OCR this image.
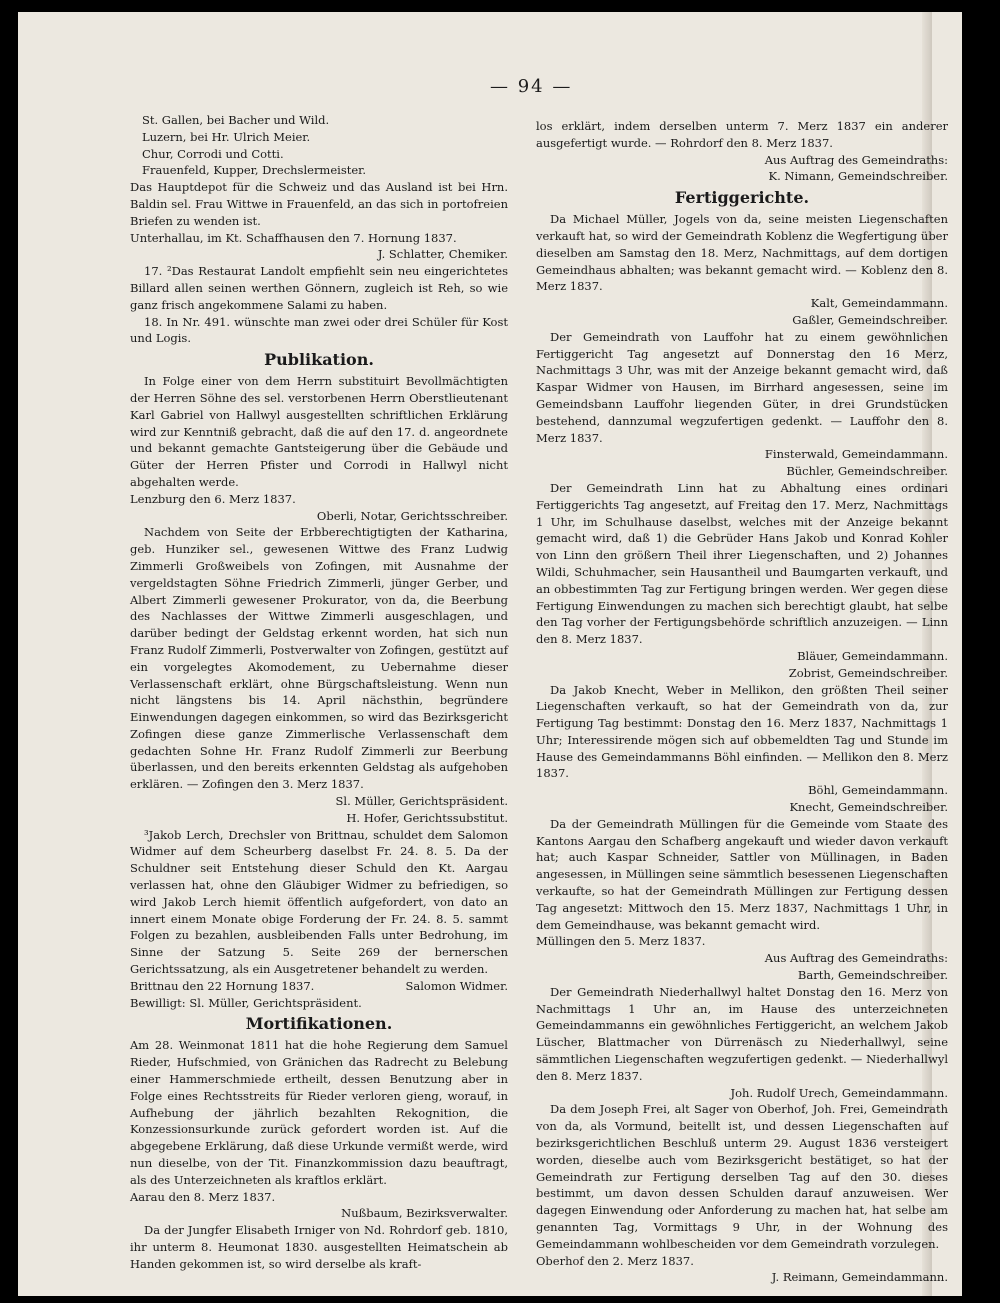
— 94 —

St. Gallen, bei Bacher und Wild.

Luzern, bei Hr. Ulrich Meier.

Chur, Corrodi und Cotti.

Frauenfeld, Kupper, Drechslermeister.

Das Hauptdepot für die Schweiz und das Ausland ist bei Hrn. Baldin sel. Frau Wittwe in Frauenfeld, an das sich in portofreien Briefen zu wenden ist.

Unterhallau, im Kt. Schaffhausen den 7. Hornung 1837.

J. Schlatter, Chemiker.

17. ²Das Restaurat Landolt empfiehlt sein neu eingerichtetes Billard allen seinen werthen Gönnern, zugleich ist Reh, so wie ganz frisch angekommene Salami zu haben.

18. In Nr. 491. wünschte man zwei oder drei Schüler für Kost und Logis.

Publikation.

In Folge einer von dem Herrn substituirt Bevollmächtigten der Herren Söhne des sel. verstorbenen Herrn Oberstlieutenant Karl Gabriel von Hallwyl ausgestellten schriftlichen Erklärung wird zur Kenntniß gebracht, daß die auf den 17. d. angeordnete und bekannt gemachte Gantsteigerung über die Gebäude und Güter der Herren Pfister und Corrodi in Hallwyl nicht abgehalten werde.

Lenzburg den 6. Merz 1837.

Oberli, Notar, Gerichtsschreiber.

Nachdem von Seite der Erbberechtigtigten der Katharina, geb. Hunziker sel., gewesenen Wittwe des Franz Ludwig Zimmerli Großweibels von Zofingen, mit Ausnahme der vergeldstagten Söhne Friedrich Zimmerli, jünger Gerber, und Albert Zimmerli gewesener Prokurator, von da, die Beerbung des Nachlasses der Wittwe Zimmerli ausgeschlagen, und darüber bedingt der Geldstag erkennt worden, hat sich nun Franz Rudolf Zimmerli, Postverwalter von Zofingen, gestützt auf ein vorgelegtes Akomodement, zu Uebernahme dieser Verlassenschaft erklärt, ohne Bürgschaftsleistung. Wenn nun nicht längstens bis 14. April nächsthin, begründere Einwendungen dagegen einkommen, so wird das Bezirksgericht Zofingen diese ganze Zimmerlische Verlassenschaft dem gedachten Sohne Hr. Franz Rudolf Zimmerli zur Beerbung überlassen, und den bereits erkennten Geldstag als aufgehoben erklären. — Zofingen den 3. Merz 1837.

Sl. Müller, Gerichtspräsident.

H. Hofer, Gerichtssubstitut.

³Jakob Lerch, Drechsler von Brittnau, schuldet dem Salomon Widmer auf dem Scheurberg daselbst Fr. 24. 8. 5. Da der Schuldner seit Entstehung dieser Schuld den Kt. Aargau verlassen hat, ohne den Gläubiger Widmer zu befriedigen, so wird Jakob Lerch hiemit öffentlich aufgefordert, von dato an innert einem Monate obige Forderung der Fr. 24. 8. 5. sammt Folgen zu bezahlen, ausbleibenden Falls unter Bedrohung, im Sinne der Satzung 5. Seite 269 der bernerschen Gerichtssatzung, als ein Ausgetretener behandelt zu werden.

Brittnau den 22 Hornung 1837.	Salomon Widmer.

Bewilligt: Sl. Müller, Gerichtspräsident.

Mortifikationen.

Am 28. Weinmonat 1811 hat die hohe Regierung dem Samuel Rieder, Hufschmied, von Gränichen das Radrecht zu Belebung einer Hammerschmiede ertheilt, dessen Benutzung aber in Folge eines Rechtsstreits für Rieder verloren gieng, worauf, in Aufhebung der jährlich bezahlten Rekognition, die Konzessionsurkunde zurück gefordert worden ist. Auf die abgegebene Erklärung, daß diese Urkunde vermißt werde, wird nun dieselbe, von der Tit. Finanzkommission dazu beauftragt, als des Unterzeichneten als kraftlos erklärt.

Aarau den 8. Merz 1837.

Nußbaum, Bezirksverwalter.

Da der Jungfer Elisabeth Irniger von Nd. Rohrdorf geb. 1810, ihr unterm 8. Heumonat 1830. ausgestellten Heimatschein ab Handen gekommen ist, so wird derselbe als kraft-

los erklärt, indem derselben unterm 7. Merz 1837 ein anderer ausgefertigt wurde. — Rohrdorf den 8. Merz 1837.

Aus Auftrag des Gemeindraths:

K. Nimann, Gemeindschreiber.

Fertiggerichte.

Da Michael Müller, Jogels von da, seine meisten Liegenschaften verkauft hat, so wird der Gemeindrath Koblenz die Wegfertigung über dieselben am Samstag den 18. Merz, Nachmittags, auf dem dortigen Gemeindhaus abhalten; was bekannt gemacht wird. — Koblenz den 8. Merz 1837.

Kalt, Gemeindammann.

Gaßler, Gemeindschreiber.

Der Gemeindrath von Lauffohr hat zu einem gewöhnlichen Fertiggericht Tag angesetzt auf Donnerstag den 16 Merz, Nachmittags 3 Uhr, was mit der Anzeige bekannt gemacht wird, daß Kaspar Widmer von Hausen, im Birrhard angesessen, seine im Gemeindsbann Lauffohr liegenden Güter, in drei Grundstücken bestehend, dannzumal wegzufertigen gedenkt. — Lauffohr den 8. Merz 1837.

Finsterwald, Gemeindammann.

Büchler, Gemeindschreiber.

Der Gemeindrath Linn hat zu Abhaltung eines ordinari Fertiggerichts Tag angesetzt, auf Freitag den 17. Merz, Nachmittags 1 Uhr, im Schulhause daselbst, welches mit der Anzeige bekannt gemacht wird, daß 1) die Gebrüder Hans Jakob und Konrad Kohler von Linn den größern Theil ihrer Liegenschaften, und 2) Johannes Wildi, Schuhmacher, sein Hausantheil und Baumgarten verkauft, und an obbestimmten Tag zur Fertigung bringen werden. Wer gegen diese Fertigung Einwendungen zu machen sich berechtigt glaubt, hat selbe den Tag vorher der Fertigungsbehörde schriftlich anzuzeigen. — Linn den 8. Merz 1837.

Bläuer, Gemeindammann.

Zobrist, Gemeindschreiber.

Da Jakob Knecht, Weber in Mellikon, den größten Theil seiner Liegenschaften verkauft, so hat der Gemeindrath von da, zur Fertigung Tag bestimmt: Donstag den 16. Merz 1837, Nachmittags 1 Uhr; Interessirende mögen sich auf obbemeldten Tag und Stunde im Hause des Gemeindammanns Böhl einfinden. — Mellikon den 8. Merz 1837.

Böhl, Gemeindammann.

Knecht, Gemeindschreiber.

Da der Gemeindrath Müllingen für die Gemeinde vom Staate des Kantons Aargau den Schafberg angekauft und wieder davon verkauft hat; auch Kaspar Schneider, Sattler von Müllinagen, in Baden angesessen, in Müllingen seine sämmtlich besessenen Liegenschaften verkaufte, so hat der Gemeindrath Müllingen zur Fertigung dessen Tag angesetzt: Mittwoch den 15. Merz 1837, Nachmittags 1 Uhr, in dem Gemeindhause, was bekannt gemacht wird.

Müllingen den 5. Merz 1837.

Aus Auftrag des Gemeindraths:

Barth, Gemeindschreiber.

Der Gemeindrath Niederhallwyl haltet Donstag den 16. Merz von Nachmittags 1 Uhr an, im Hause des unterzeichneten Gemeindammanns ein gewöhnliches Fertiggericht, an welchem Jakob Lüscher, Blattmacher von Dürrenäsch zu Niederhallwyl, seine sämmtlichen Liegenschaften wegzufertigen gedenkt. — Niederhallwyl den 8. Merz 1837.

Joh. Rudolf Urech, Gemeindammann.

Da dem Joseph Frei, alt Sager von Oberhof, Joh. Frei, Gemeindrath von da, als Vormund, beitellt ist, und dessen Liegenschaften auf bezirksgerichtlichen Beschluß unterm 29. August 1836 versteigert worden, dieselbe auch vom Bezirksgericht bestätiget, so hat der Gemeindrath zur Fertigung derselben Tag auf den 30. dieses bestimmt, um davon dessen Schulden darauf anzuweisen. Wer dagegen Einwendung oder Anforderung zu machen hat, hat selbe am genannten Tag, Vormittags 9 Uhr, in der Wohnung des Gemeindammann wohlbescheiden vor dem Gemeindrath vorzulegen.

Oberhof den 2. Merz 1837.

J. Reimann, Gemeindammann.
